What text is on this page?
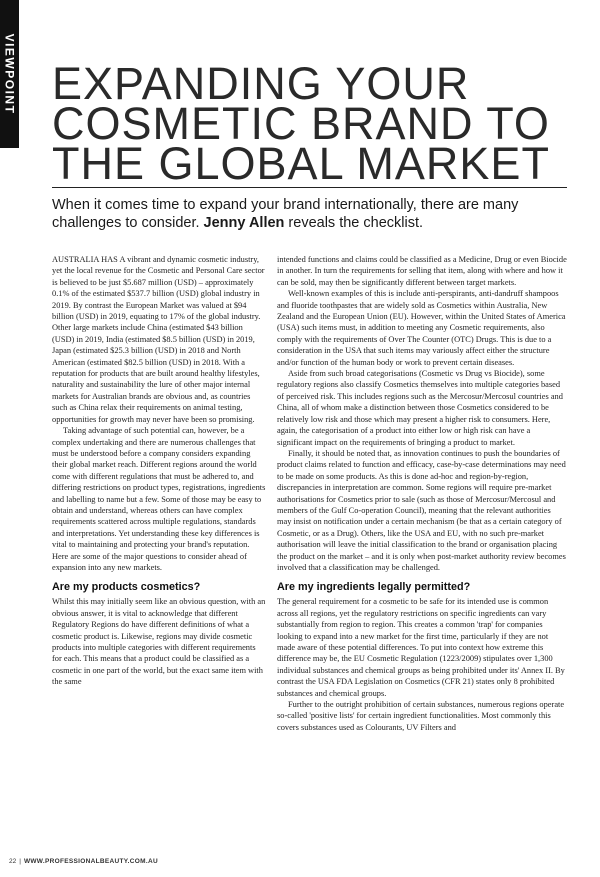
VIEWPOINT EXPANDING YOUR
COSMETIC BRAND TO
THE GLOBAL MARKET
When it comes time to expand your brand internationally, there are many challenges to consider. Jenny Allen reveals the checklist.

AUSTRALIA HAS A vibrant and dynamic cosmetic industry, yet the local revenue for the Cosmetic and Personal Care sector is believed to be just $5.687 million (USD) – approximately 0.1% of the estimated $537.7 billion (USD) global industry in 2019. By contrast the European Market was valued at $94 billion (USD) in 2019, equating to 17% of the global industry. Other large markets include China (estimated $43 billion (USD) in 2019, India (estimated $8.5 billion (USD) in 2019, Japan (estimated $25.3 billion (USD) in 2018 and North American (estimated $82.5 billion (USD) in 2018. With a reputation for products that are built around healthy lifestyles, naturality and sustainability the lure of other major internal markets for Australian brands are obvious and, as countries such as China relax their requirements on animal testing, opportunities for growth may never have been so promising.

Taking advantage of such potential can, however, be a complex undertaking and there are numerous challenges that must be understood before a company considers expanding their global market reach. Different regions around the world come with different regulations that must be adhered to, and differing restrictions on product types, registrations, ingredients and labelling to name but a few. Some of those may be easy to obtain and understand, whereas others can have complex requirements scattered across multiple regulations, standards and interpretations. Yet understanding these key differences is vital to maintaining and protecting your brand's reputation. Here are some of the major questions to consider ahead of expansion into any new markets.

Are my products cosmetics?

Whilst this may initially seem like an obvious question, with an obvious answer, it is vital to acknowledge that different Regulatory Regions do have different definitions of what a cosmetic product is. Likewise, regions may divide cosmetic products into multiple categories with different requirements for each. This means that a product could be classified as a cosmetic in one part of the world, but the exact same item with the same

intended functions and claims could be classified as a Medicine, Drug or even Biocide in another. In turn the requirements for selling that item, along with where and how it can be sold, may then be significantly different between target markets.

Well-known examples of this is include anti-perspirants, anti-dandruff shampoos and fluoride toothpastes that are widely sold as Cosmetics within Australia, New Zealand and the European Union (EU). However, within the United States of America (USA) such items must, in addition to meeting any Cosmetic requirements, also comply with the requirements of Over The Counter (OTC) Drugs. This is due to a consideration in the USA that such items may variously affect either the structure and/or function of the human body or work to prevent certain diseases.

Aside from such broad categorisations (Cosmetic vs Drug vs Biocide), some regulatory regions also classify Cosmetics themselves into multiple categories based of perceived risk. This includes regions such as the Mercosur/Mercosul countries and China, all of whom make a distinction between those Cosmetics considered to be relatively low risk and those which may present a higher risk to consumers. Here, again, the categorisation of a product into either low or high risk can have a significant impact on the requirements of bringing a product to market.

Finally, it should be noted that, as innovation continues to push the boundaries of product claims related to function and efficacy, case-by-case determinations may need to be made on some products. As this is done ad-hoc and region-by-region, discrepancies in interpretation are common. Some regions will require pre-market authorisations for Cosmetics prior to sale (such as those of Mercosur/Mercosul and members of the Gulf Co-operation Council), meaning that the relevant authorities may insist on notification under a certain mechanism (be that as a certain category of Cosmetic, or as a Drug). Others, like the USA and EU, with no such pre-market authorisation will leave the initial classification to the brand or organisation placing the product on the market – and it is only when post-market authority review becomes involved that a classification may be challenged.

Are my ingredients legally permitted?

The general requirement for a cosmetic to be safe for its intended use is common across all regions, yet the regulatory restrictions on specific ingredients can vary substantially from region to region. This creates a common 'trap' for companies looking to expand into a new market for the first time, particularly if they are not made aware of these potential differences. To put into context how extreme this difference may be, the EU Cosmetic Regulation (1223/2009) stipulates over 1,300 individual substances and chemical groups as being prohibited under its' Annex II. By contrast the USA FDA Legislation on Cosmetics (CFR 21) states only 8 prohibited substances and chemical groups.

Further to the outright prohibition of certain substances, numerous regions operate so-called 'positive lists' for certain ingredient functionalities. Most commonly this covers substances used as Colourants, UV Filters and

22 | WWW.PROFESSIONALBEAUTY.COM.AU
